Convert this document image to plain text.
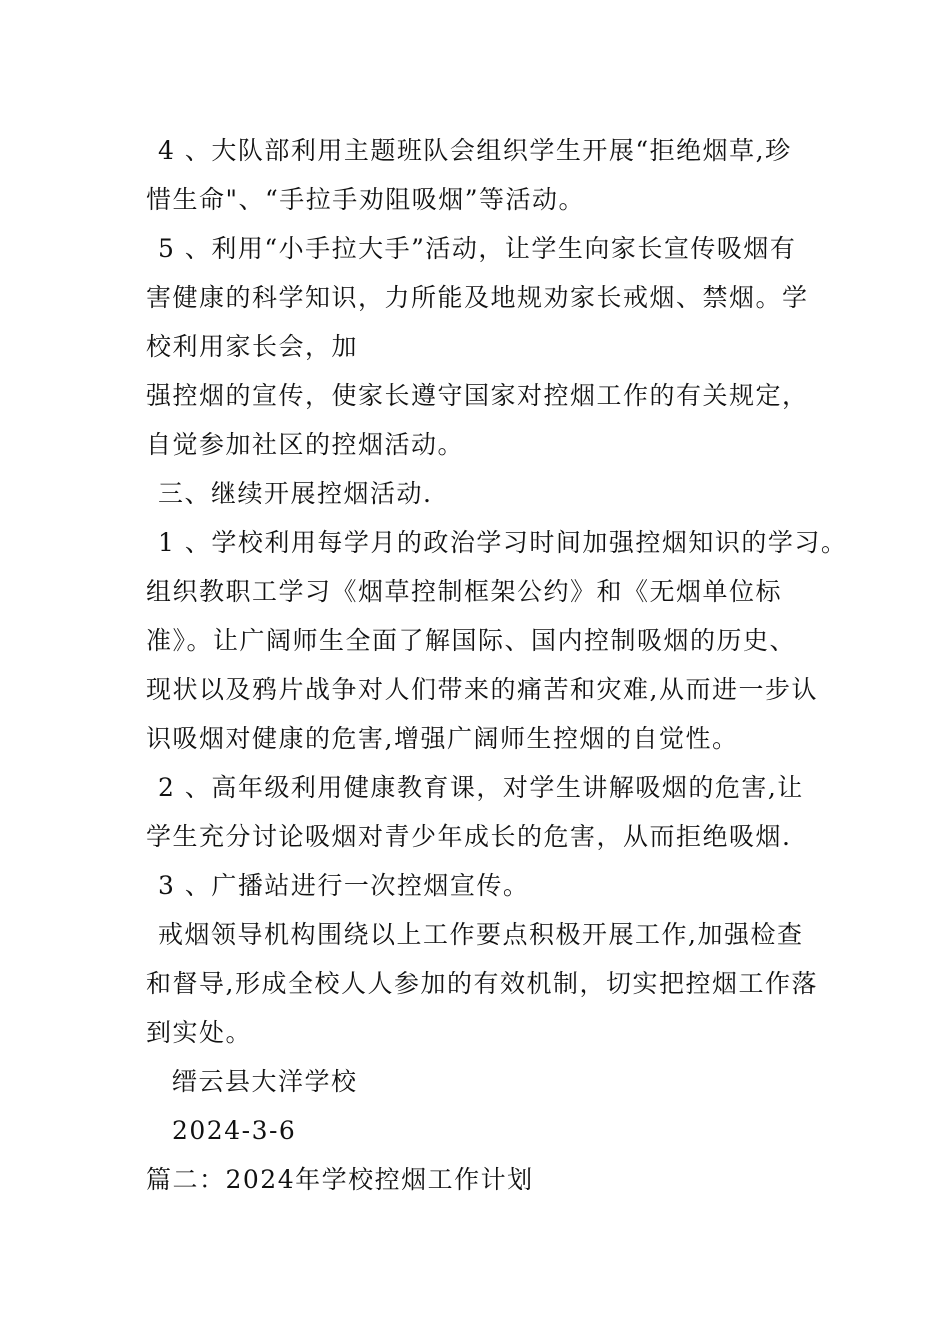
4 、大队部利用主题班队会组织学生开展“拒绝烟草,珍
惜生命"、“手拉手劝阻吸烟”等活动。
5 、利用“小手拉大手”活动，让学生向家长宣传吸烟有
害健康的科学知识，力所能及地规劝家长戒烟、禁烟。学
校利用家长会，加
强控烟的宣传，使家长遵守国家对控烟工作的有关规定，
自觉参加社区的控烟活动。
三、继续开展控烟活动.
1 、学校利用每学月的政治学习时间加强控烟知识的学习。
组织教职工学习《烟草控制框架公约》和《无烟单位标
准》。让广阔师生全面了解国际、国内控制吸烟的历史、
现状以及鸦片战争对人们带来的痛苦和灾难,从而进一步认
识吸烟对健康的危害,增强广阔师生控烟的自觉性。
2 、高年级利用健康教育课，对学生讲解吸烟的危害,让
学生充分讨论吸烟对青少年成长的危害，从而拒绝吸烟.
3 、广播站进行一次控烟宣传。
戒烟领导机构围绕以上工作要点积极开展工作,加强检查
和督导,形成全校人人参加的有效机制，切实把控烟工作落
到实处。
缙云县大洋学校
2024-3-6
篇二：2024年学校控烟工作计划
